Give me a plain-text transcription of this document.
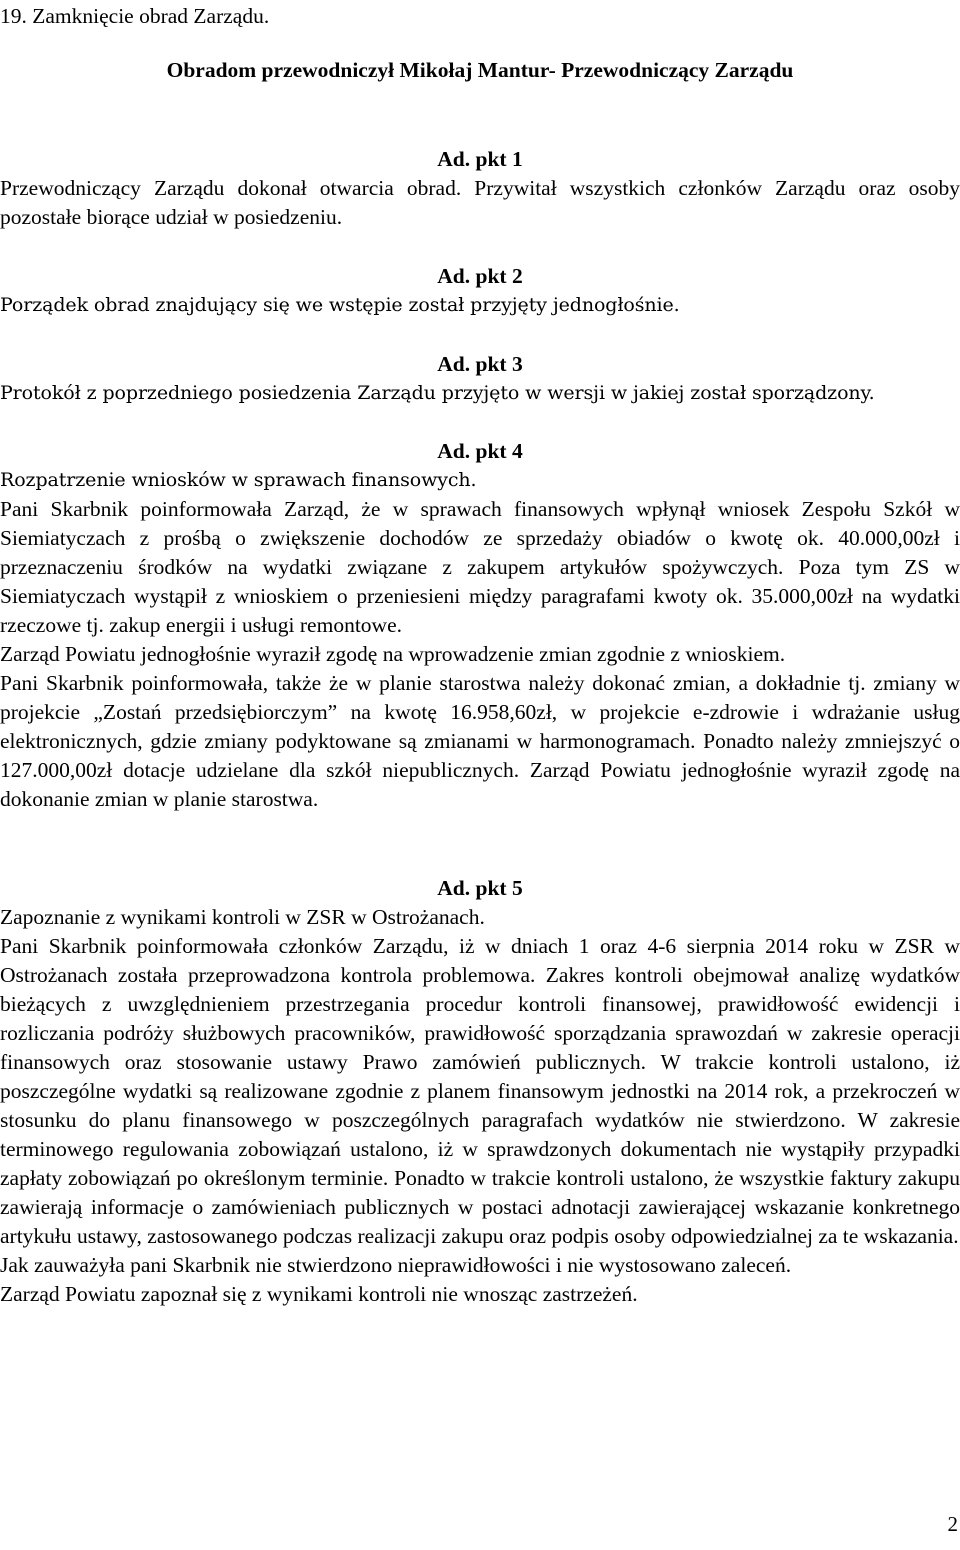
19. Zamknięcie obrad Zarządu.
Obradom przewodniczył Mikołaj Mantur- Przewodniczący Zarządu
Ad. pkt 1

Przewodniczący Zarządu dokonał otwarcia obrad. Przywitał wszystkich członków Zarządu oraz osoby pozostałe biorące udział w posiedzeniu.

Ad. pkt 2

Porządek obrad znajdujący się we wstępie został przyjęty jednogłośnie.

Ad. pkt 3

Protokół z poprzedniego posiedzenia Zarządu przyjęto w wersji w jakiej został sporządzony.

Ad. pkt 4

Rozpatrzenie wniosków w sprawach finansowych.

Pani Skarbnik poinformowała Zarząd, że w sprawach finansowych wpłynął wniosek Zespołu Szkół w Siemiatyczach z prośbą o zwiększenie dochodów ze sprzedaży obiadów o kwotę ok. 40.000,00zł i przeznaczeniu środków na wydatki związane z zakupem artykułów spożywczych. Poza tym ZS w Siemiatyczach wystąpił z wnioskiem o przeniesieni między paragrafami kwoty ok. 35.000,00zł na wydatki rzeczowe tj. zakup energii i usługi remontowe.

Zarząd Powiatu jednogłośnie wyraził zgodę na wprowadzenie zmian zgodnie z wnioskiem.

Pani Skarbnik poinformowała, także że w planie starostwa należy dokonać zmian, a dokładnie tj. zmiany w projekcie „Zostań przedsiębiorczym” na kwotę 16.958,60zł, w projekcie e-zdrowie i wdrażanie usług elektronicznych, gdzie zmiany podyktowane są zmianami w harmonogramach. Ponadto należy zmniejszyć o 127.000,00zł dotacje udzielane dla szkół niepublicznych. Zarząd Powiatu jednogłośnie wyraził zgodę na dokonanie zmian w planie starostwa.

Ad. pkt 5

Zapoznanie z wynikami kontroli w ZSR w Ostrożanach.

Pani Skarbnik poinformowała członków Zarządu, iż w dniach 1 oraz 4-6 sierpnia 2014 roku w ZSR w Ostrożanach została przeprowadzona kontrola problemowa. Zakres kontroli obejmował analizę wydatków bieżących z uwzględnieniem przestrzegania procedur kontroli finansowej, prawidłowość ewidencji i rozliczania podróży służbowych pracowników, prawidłowość sporządzania sprawozdań w zakresie operacji finansowych oraz stosowanie ustawy Prawo zamówień publicznych. W trakcie kontroli ustalono, iż poszczególne wydatki są realizowane zgodnie z planem finansowym jednostki na 2014 rok, a przekroczeń w stosunku do planu finansowego w poszczególnych paragrafach wydatków nie stwierdzono. W zakresie terminowego regulowania zobowiązań ustalono, iż w sprawdzonych dokumentach nie wystąpiły przypadki zapłaty zobowiązań po określonym terminie. Ponadto w trakcie kontroli ustalono, że wszystkie faktury zakupu zawierają informacje o zamówieniach publicznych w postaci adnotacji zawierającej wskazanie konkretnego artykułu ustawy, zastosowanego podczas realizacji zakupu oraz podpis osoby odpowiedzialnej za te wskazania.

Jak zauważyła pani Skarbnik nie stwierdzono nieprawidłowości i nie wystosowano zaleceń.

Zarząd Powiatu zapoznał się z wynikami kontroli nie wnosząc zastrzeżeń.

2
